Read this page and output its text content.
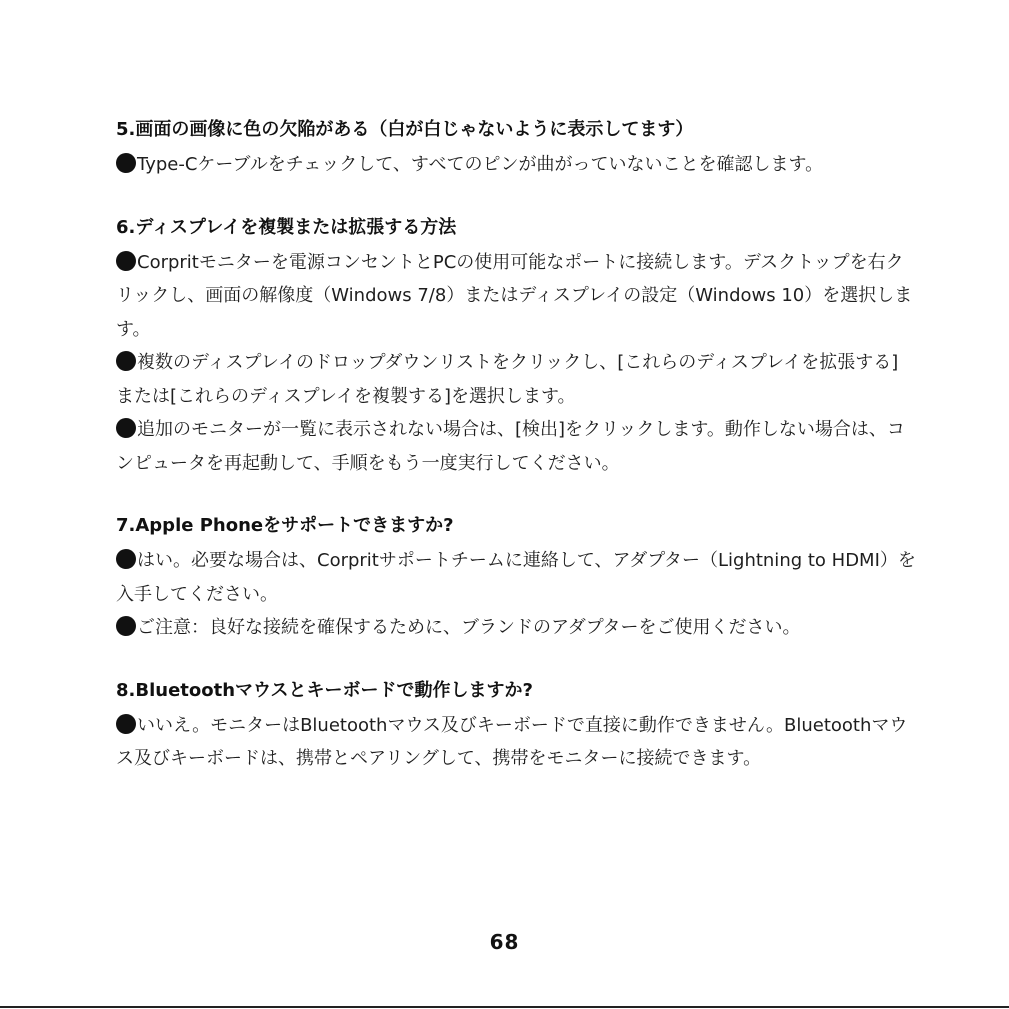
5.画面の画像に色の欠陥がある（白が白じゃないように表示してます）

Type-Cケーブルをチェックして、すべてのピンが曲がっていないことを確認します。

6.ディスプレイを複製または拡張する方法

Corpritモニターを電源コンセントとPCの使用可能なポートに接続します。デスクトップを右クリックし、画面の解像度（Windows 7/8）またはディスプレイの設定（Windows 10）を選択します。

複数のディスプレイのドロップダウンリストをクリックし、[これらのディスプレイを拡張する]または[これらのディスプレイを複製する]を選択します。

追加のモニターが一覧に表示されない場合は、[検出]をクリックします。動作しない場合は、コンピュータを再起動して、手順をもう一度実行してください。

7.Apple Phoneをサポートできますか?

はい。必要な場合は、Corpritサポートチームに連絡して、アダプター（Lightning to HDMI）を入手してください。

ご注意：良好な接続を確保するために、ブランドのアダプターをご使用ください。

8.Bluetoothマウスとキーボードで動作しますか?

いいえ。モニターはBluetoothマウス及びキーボードで直接に動作できません。Bluetoothマウス及びキーボードは、携帯とペアリングして、携帯をモニターに接続できます。

68
